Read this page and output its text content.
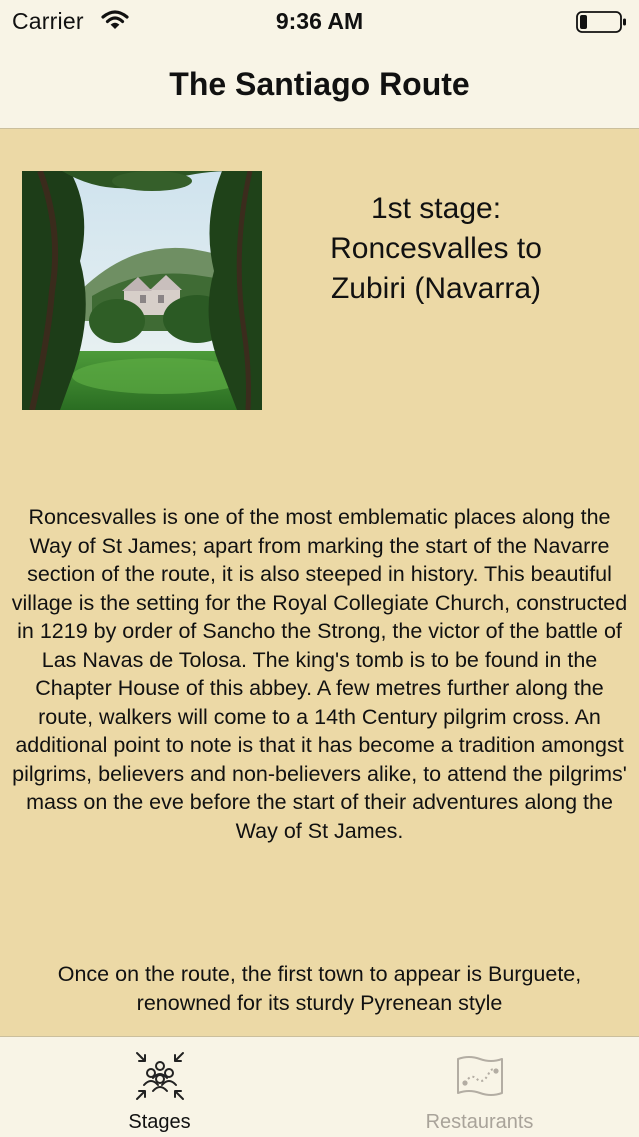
Carrier	9:36 AM
The Santiago Route
1st stage: Roncesvalles to Zubiri (Navarra)

Roncesvalles is one of the most emblematic places along the Way of St James; apart from marking the start of the Navarre section of the route, it is also steeped in history. This beautiful village is the setting for the Royal Collegiate Church, constructed in 1219 by order of Sancho the Strong, the victor of the battle of Las Navas de Tolosa. The king's tomb is to be found in the Chapter House of this abbey. A few metres further along the route, walkers will come to a 14th Century pilgrim cross. An additional point to note is that it has become a tradition amongst pilgrims, believers and non-believers alike, to attend the pilgrims' mass on the eve before the start of their adventures along the Way of St James.

Once on the route, the first town to appear is Burguete, renowned for its sturdy Pyrenean style

Stages	Restaurants
